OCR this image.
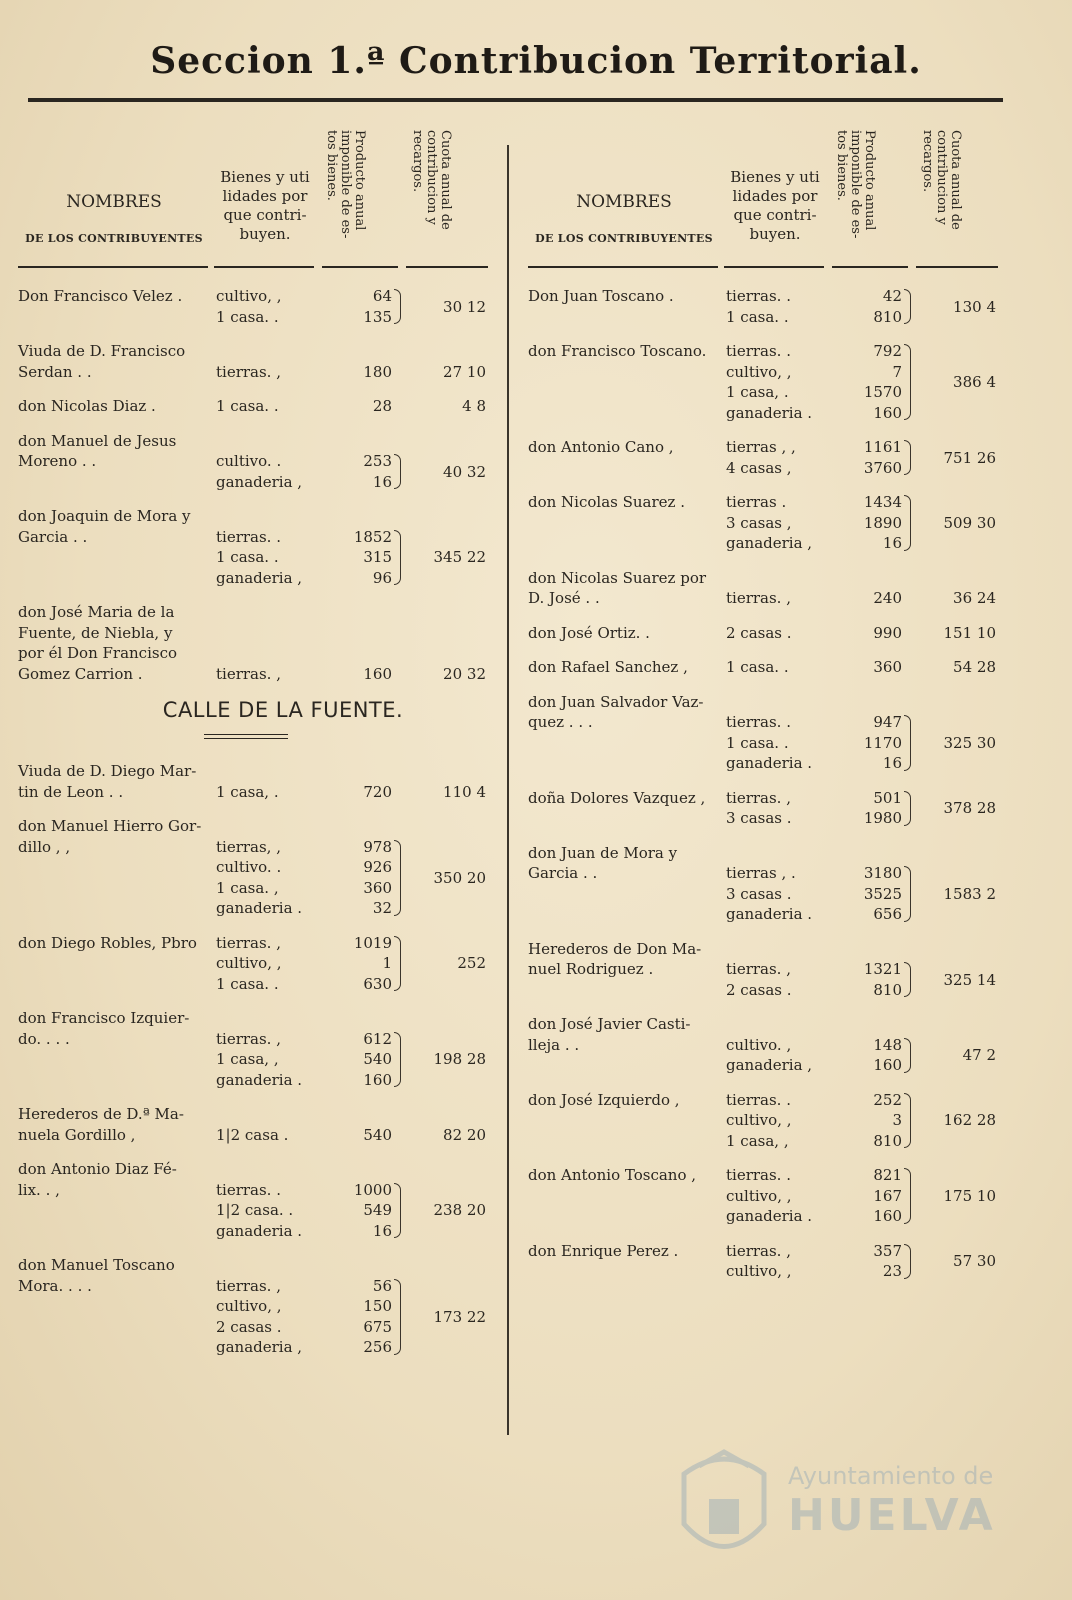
Seccion 1.ª Contribucion Territorial.
NOMBRES
DE LOS CONTRIBUYENTES
Bienes y uti
lidades por
que contri-
buyen.
Producto anual imponible de es- tos bienes.	Cuota anual de contribucion y recargos.
Don Francisco Velez .	cultivo, ,	64
1 casa. .	135
30 12
Viuda de D. Francisco
Serdan . .	tierras. ,	180	27 10
don Nicolas Diaz .	1 casa. .	28	4 8
don Manuel de Jesus
Moreno . .	cultivo. .	253
ganaderia ,	16
40 32
don Joaquin de Mora y
Garcia . .	tierras. .	1852
1 casa. .	315
ganaderia ,	96
345 22
don José Maria de la
Fuente, de Niebla, y
por él Don Francisco
Gomez Carrion .	tierras. ,	160	20 32
CALLE DE LA FUENTE.
Viuda de D. Diego Mar-
tin de Leon . .	1 casa, .	720	110 4
don Manuel Hierro Gor-
dillo , ,	tierras, ,	978
cultivo. .	926
1 casa. ,	360
ganaderia .	32
350 20
don Diego Robles, Pbro	tierras. ,	1019
cultivo, ,	1
1 casa. .	630
252
don Francisco Izquier-
do. . . .	tierras. ,	612
1 casa, ,	540
ganaderia .	160
198 28
Herederos de D.ª Ma-
nuela Gordillo ,	1|2 casa .	540	82 20
don Antonio Diaz Fé-
lix. . ,	tierras. .	1000
1|2 casa. .	549
ganaderia .	16
238 20
don Manuel Toscano
Mora. . . .	tierras. ,	56
cultivo, ,	150
2 casas .	675
ganaderia ,	256
173 22
NOMBRES
DE LOS CONTRIBUYENTES
Bienes y uti
lidades por
que contri-
buyen.
Producto anual imponible de es- tos bienes.	Cuota anual de contribucion y recargos.
Don Juan Toscano .	tierras. .	42
1 casa. .	810
130 4
don Francisco Toscano.	tierras. .	792
cultivo, ,	7
1 casa, .	1570
ganaderia .	160
386 4
don Antonio Cano ,	tierras , ,	1161
4 casas ,	3760
751 26
don Nicolas Suarez .	tierras .	1434
3 casas ,	1890
ganaderia ,	16
509 30
don Nicolas Suarez por
D. José . .	tierras. ,	240	36 24
don José Ortiz. .	2 casas .	990	151 10
don Rafael Sanchez ,	1 casa. .	360	54 28
don Juan Salvador Vaz-
quez . . .	tierras. .	947
1 casa. .	1170
ganaderia .	16
325 30
doña Dolores Vazquez ,	tierras. ,	501
3 casas .	1980
378 28
don Juan de Mora y
Garcia . .	tierras , .	3180
3 casas .	3525
ganaderia .	656
1583 2
Herederos de Don Ma-
nuel Rodriguez .	tierras. ,	1321
2 casas .	810
325 14
don José Javier Casti-
lleja . .	cultivo. ,	148
ganaderia ,	160
47 2
don José Izquierdo ,	tierras. .	252
cultivo, ,	3
1 casa, ,	810
162 28
don Antonio Toscano ,	tierras. .	821
cultivo, ,	167
ganaderia .	160
175 10
don Enrique Perez .	tierras. ,	357
cultivo, ,	23
57 30
Ayuntamiento de
HUELVA
